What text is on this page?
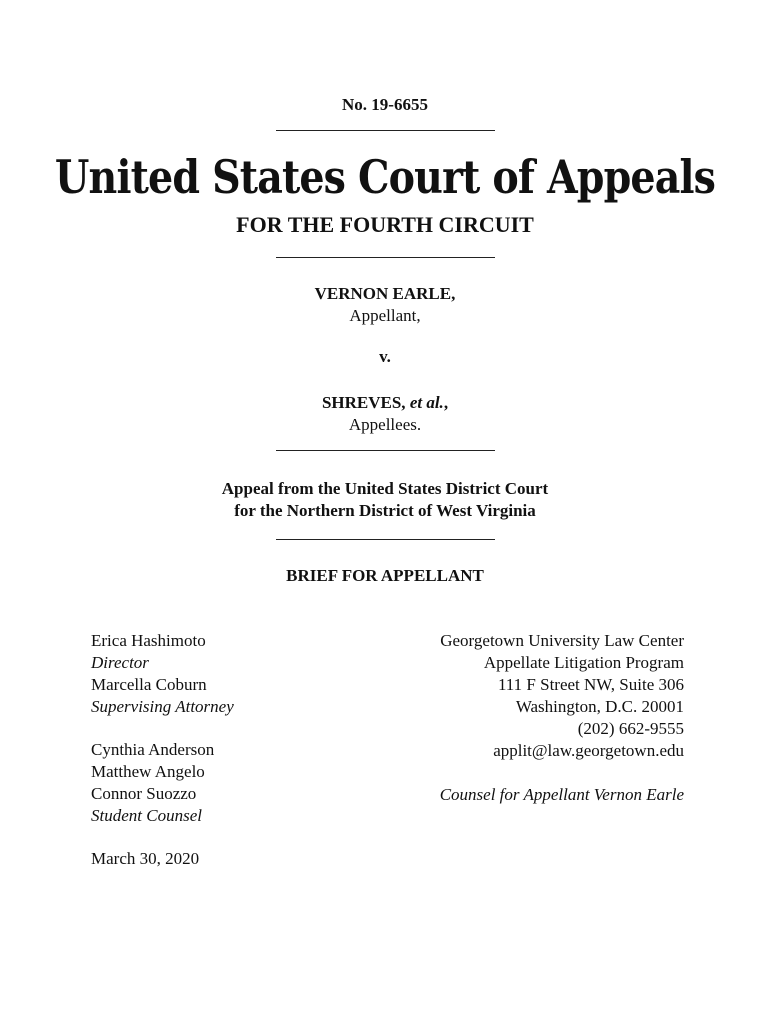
No. 19-6655
United States Court of Appeals
FOR THE FOURTH CIRCUIT
VERNON EARLE,
Appellant,
v.
SHREVES, et al.,
Appellees.
Appeal from the United States District Court
for the Northern District of West Virginia
BRIEF FOR APPELLANT
Erica Hashimoto
Director
Marcella Coburn
Supervising Attorney
Cynthia Anderson
Matthew Angelo
Connor Suozzo
Student Counsel
March 30, 2020
Georgetown University Law Center
Appellate Litigation Program
111 F Street NW, Suite 306
Washington, D.C. 20001
(202) 662-9555
applit@law.georgetown.edu
Counsel for Appellant Vernon Earle
